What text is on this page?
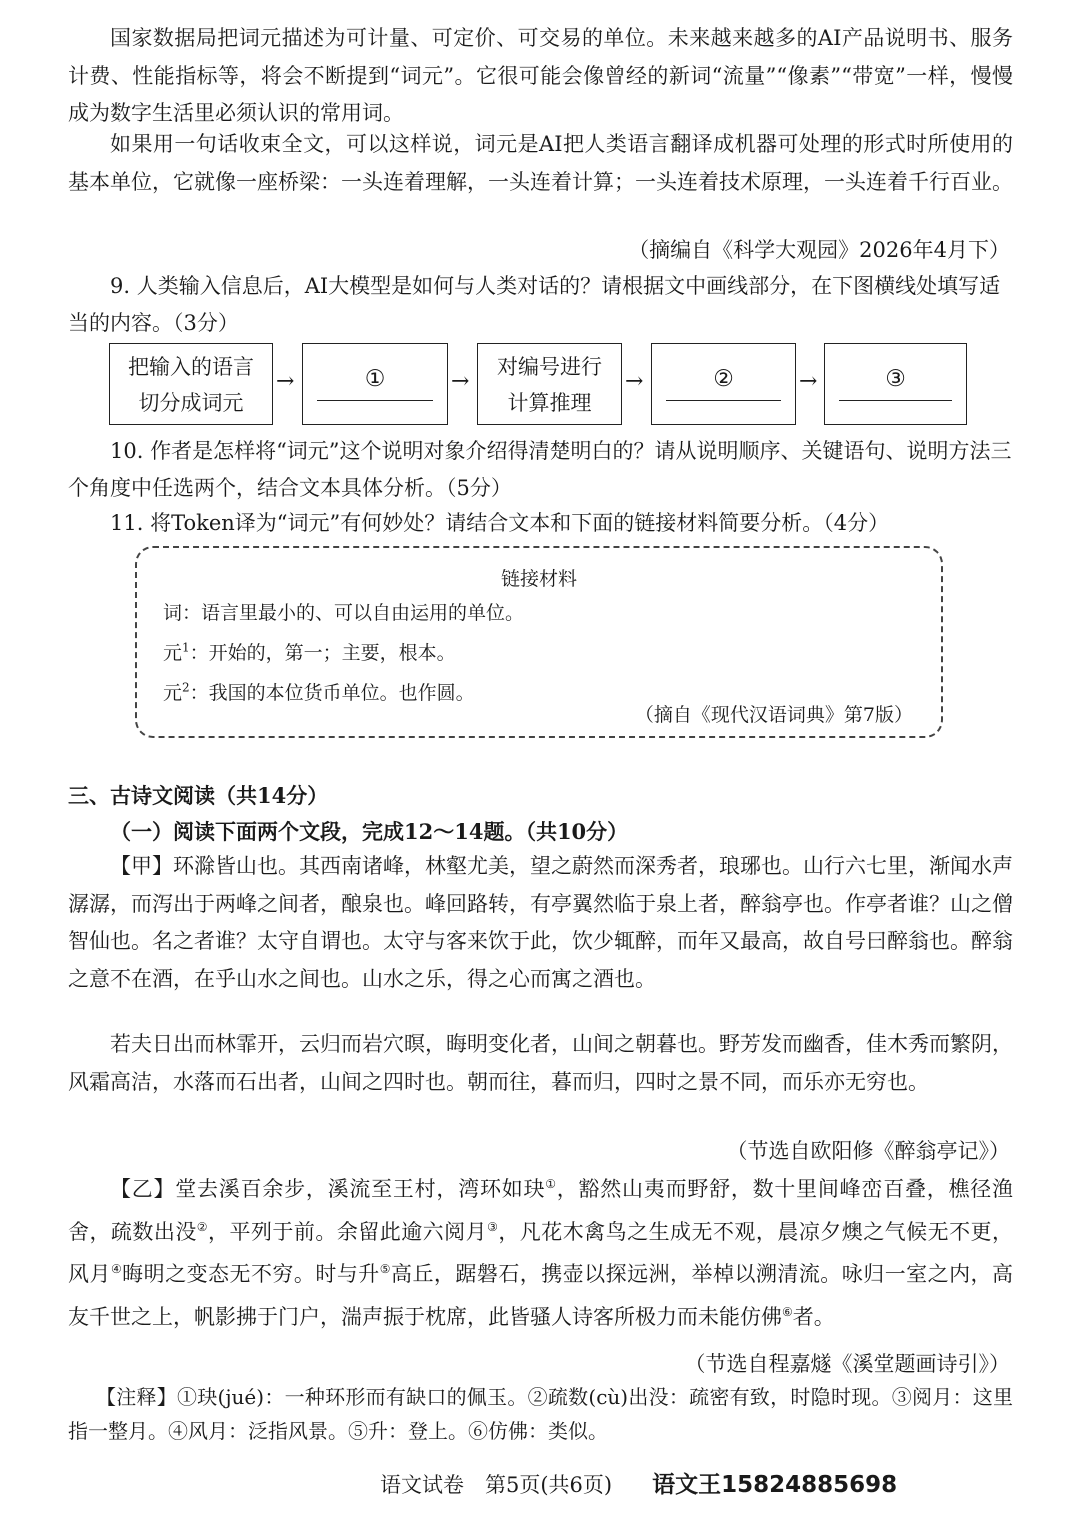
国家数据局把词元描述为可计量、可定价、可交易的单位。未来越来越多的AI产品说明书、服务计费、性能指标等，将会不断提到“词元”。它很可能会像曾经的新词“流量”“像素”“带宽”一样，慢慢成为数字生活里必须认识的常用词。

如果用一句话收束全文，可以这样说，词元是AI把人类语言翻译成机器可处理的形式时所使用的基本单位，它就像一座桥梁：一头连着理解，一头连着计算；一头连着技术原理，一头连着千行百业。

（摘编自《科学大观园》2026年4月下）

9. 人类输入信息后，AI大模型是如何与人类对话的？请根据文中画线部分，在下图横线处填写适当的内容。（3分）

把输入的语言
切分成词元
→	①	→
对编号进行
计算推理
→	②	→	③

10. 作者是怎样将“词元”这个说明对象介绍得清楚明白的？请从说明顺序、关键语句、说明方法三个角度中任选两个，结合文本具体分析。（5分）

11. 将Token译为“词元”有何妙处？请结合文本和下面的链接材料简要分析。（4分）

链接材料
词：语言里最小的、可以自由运用的单位。
元$^1$：开始的，第一；主要，根本。
元$^2$：我国的本位货币单位。也作圆。
（摘自《现代汉语词典》第7版）
三、古诗文阅读（共14分）
（一）阅读下面两个文段，完成12～14题。（共10分）

【甲】环滁皆山也。其西南诸峰，林壑尤美，望之蔚然而深秀者，琅琊也。山行六七里，渐闻水声潺潺，而泻出于两峰之间者，酿泉也。峰回路转，有亭翼然临于泉上者，醉翁亭也。作亭者谁？山之僧智仙也。名之者谁？太守自谓也。太守与客来饮于此，饮少辄醉，而年又最高，故自号曰醉翁也。醉翁之意不在酒，在乎山水之间也。山水之乐，得之心而寓之酒也。

若夫日出而林霏开，云归而岩穴暝，晦明变化者，山间之朝暮也。野芳发而幽香，佳木秀而繁阴，风霜高洁，水落而石出者，山间之四时也。朝而往，暮而归，四时之景不同，而乐亦无穷也。

（节选自欧阳修《醉翁亭记》）

【乙】堂去溪百余步，溪流至王村，湾环如玦①，豁然山夷而野舒，数十里间峰峦百叠，樵径渔舍，疏数出没②，平列于前。余留此逾六阅月③，凡花木禽鸟之生成无不观，晨凉夕燠之气候无不更，风月④晦明之变态无不穷。时与升⑤高丘，踞磐石，携壶以探远洲，举棹以溯清流。咏归一室之内，高友千世之上，帆影拂于门户，湍声振于枕席，此皆骚人诗客所极力而未能仿佛⑥者。

（节选自程嘉燧《溪堂题画诗引》）

【注释】①玦(jué)：一种环形而有缺口的佩玉。②疏数(cù)出没：疏密有致，时隐时现。③阅月：这里指一整月。④风月：泛指风景。⑤升：登上。⑥仿佛：类似。

语文试卷　第5页(共6页) 语文王15824885698
